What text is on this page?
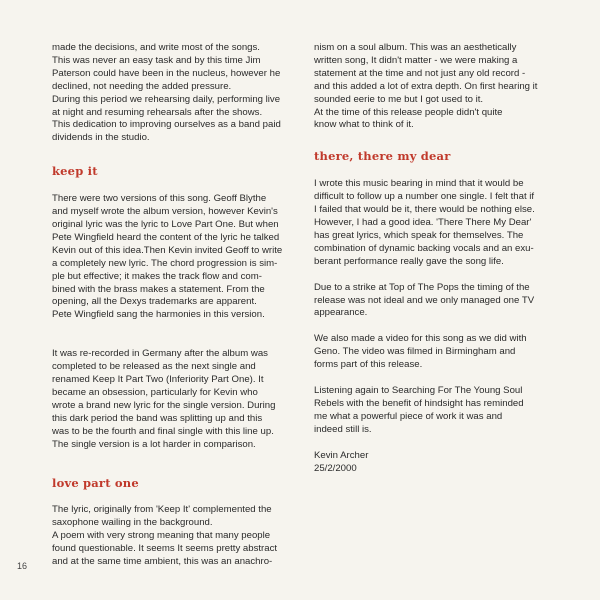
made the decisions, and write most of the songs.
This was never an easy task and by this time Jim
Paterson could have been in the nucleus, however he
declined, not needing the added pressure.
During this period we rehearsing daily, performing live
at night and resuming rehearsals after the shows.
This dedication to improving ourselves as a band paid
dividends in the studio.

keep it

There were two versions of this song. Geoff Blythe
and myself wrote the album version, however Kevin's
original lyric was the lyric to Love Part One. But when
Pete Wingfield heard the content of the lyric he talked
Kevin out of this idea.Then Kevin invited Geoff to write
a completely new lyric. The chord progression is sim-
ple but effective; it makes the track flow and com-
bined with the brass makes a statement. From the
opening, all the Dexys trademarks are apparent.
Pete Wingfield sang the harmonies in this version.

It was re-recorded in Germany after the album was
completed to be released as the next single and
renamed Keep It Part Two (Inferiority Part One). It
became an obsession, particularly for Kevin who
wrote a brand new lyric for the single version. During
this dark period the band was splitting up and this
was to be the fourth and final single with this line up.
The single version is a lot harder in comparison.

love part one

The lyric, originally from 'Keep It' complemented the
saxophone wailing in the background.
A poem with very strong meaning that many people
found questionable. It seems It seems pretty abstract
and at the same time ambient, this was an anachro-

nism on a soul album. This was an aesthetically
written song, It didn't matter - we were making a
statement at the time and not just any old record -
and this added a lot of extra depth. On first hearing it
sounded eerie to me but I got used to it.
At the time of this release people didn't quite
know what to think of it.

there, there my dear

I wrote this music bearing in mind that it would be
difficult to follow up a number one single. I felt that if
I failed that would be it, there would be nothing else.
However, I had a good idea. 'There There My Dear'
has great lyrics, which speak for themselves. The
combination of dynamic backing vocals and an exu-
berant performance really gave the song life.

Due to a strike at Top of The Pops the timing of the
release was not ideal and we only managed one TV
appearance.

We also made a video for this song as we did with
Geno. The video was filmed in Birmingham and
forms part of this release.

Listening again to Searching For The Young Soul
Rebels with the benefit of hindsight has reminded
me what a powerful piece of work it was and
indeed still is.

Kevin Archer
25/2/2000

16
